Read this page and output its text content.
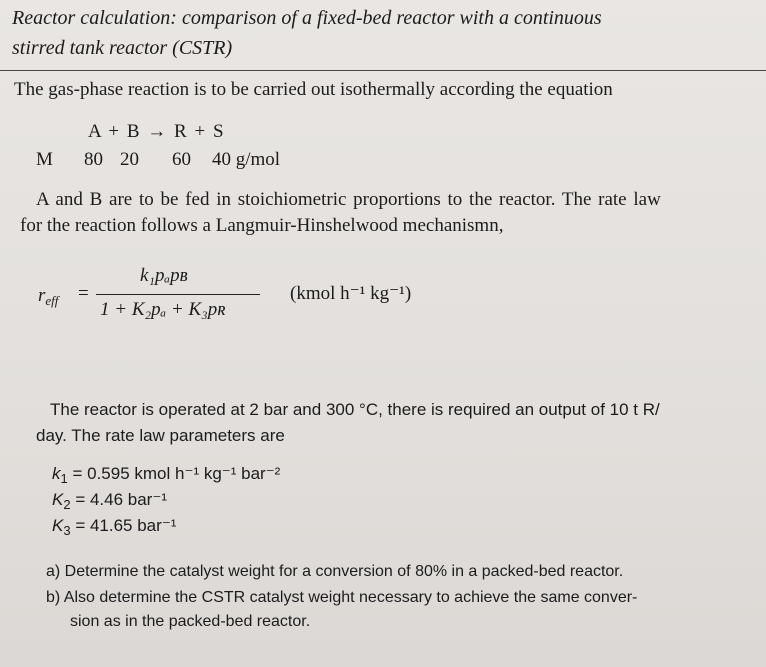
Reactor calculation: comparison of a fixed-bed reactor with a continuous
stirred tank reactor (CSTR)
The gas-phase reaction is to be carried out isothermally according the equation
A + B → R + S
M 80 20 60 40 g/mol
A and B are to be fed in stoichiometric proportions to the reactor. The rate law
for the reaction follows a Langmuir-Hinshelwood mechanismn,
$r_{eff}$ =
k₁pₐpʙ
1 + K₂pₐ + K₃pʀ
(kmol h⁻¹ kg⁻¹)
The reactor is operated at 2 bar and 300 °C, there is required an output of 10 t R/
day. The rate law parameters are
$k_1 = 0.595$ kmol h⁻¹ kg⁻¹ bar⁻²
$K_2 = 4.46$ bar⁻¹
$K_3 = 41.65$ bar⁻¹
a) Determine the catalyst weight for a conversion of 80% in a packed-bed reactor.
b) Also determine the CSTR catalyst weight necessary to achieve the same conver-
sion as in the packed-bed reactor.
